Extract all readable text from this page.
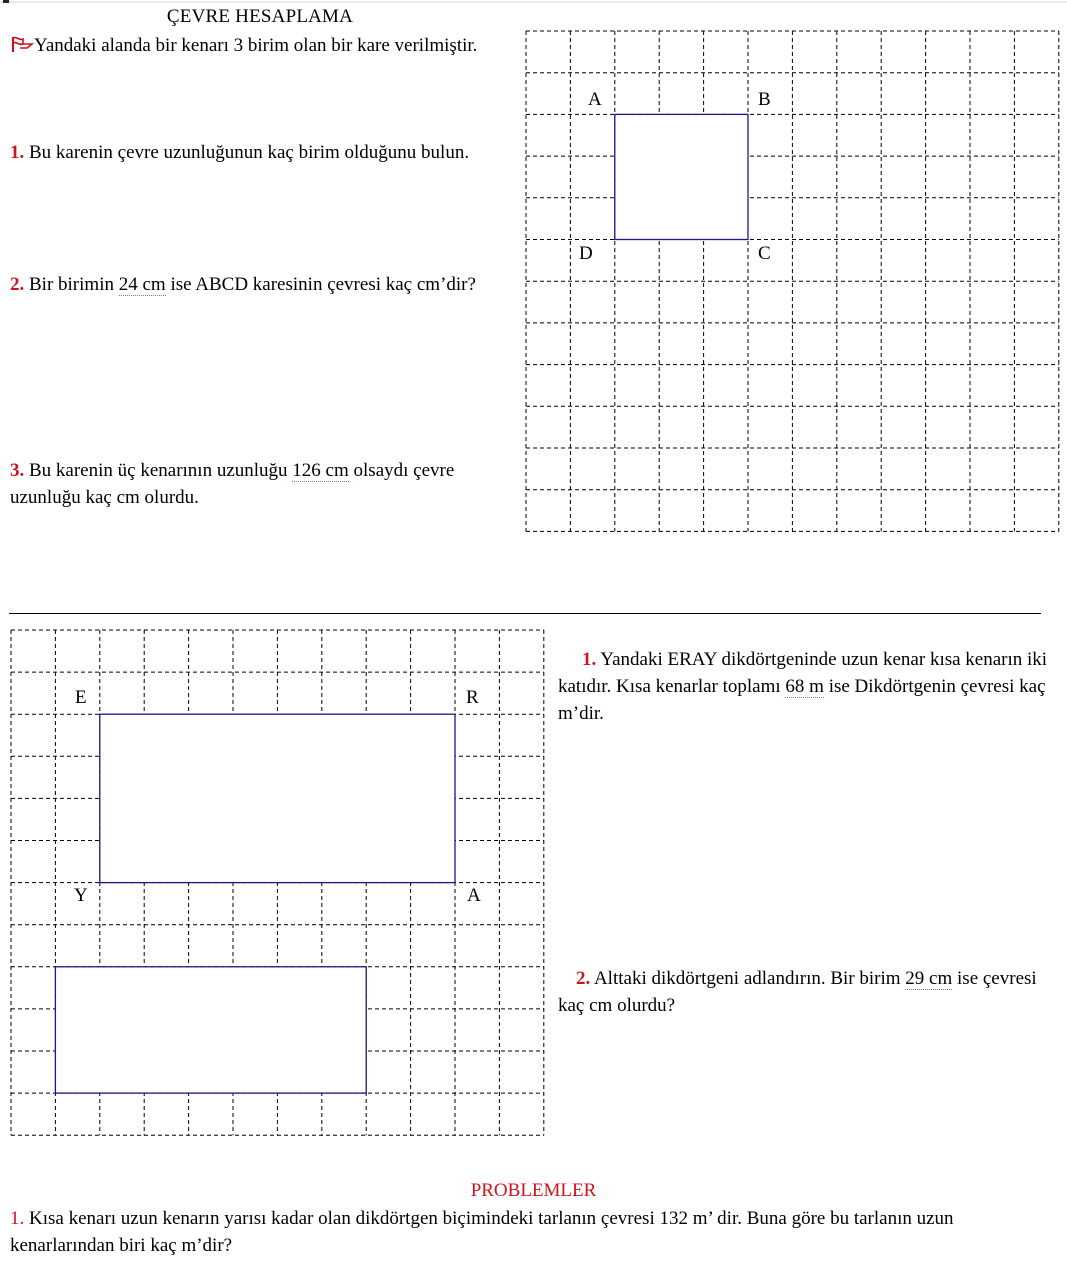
ÇEVRE HESAPLAMA
Yandaki alanda bir kenarı 3 birim olan bir kare verilmiştir.
1. Bu karenin çevre uzunluğunun kaç birim olduğunu bulun.
2. Bir birimin 24 cm ise ABCD karesinin çevresi kaç cm’dir?
3. Bu karenin üç kenarının uzunluğu 126 cm olsaydı çevre uzunluğu kaç cm olurdu.
A	B
C
D
E	R
A
Y
1. Yandaki ERAY dikdörtgeninde uzun kenar kısa kenarın iki katıdır. Kısa kenarlar toplamı 68 m ise Dikdörtgenin çevresi kaç m’dir.
2. Alttaki dikdörtgeni adlandırın. Bir birim 29 cm ise çevresi kaç cm olurdu?
PROBLEMLER
1. Kısa kenarı uzun kenarın yarısı kadar olan dikdörtgen biçimindeki tarlanın çevresi 132 m’ dir. Buna göre bu tarlanın uzun kenarlarından biri kaç m’dir?
